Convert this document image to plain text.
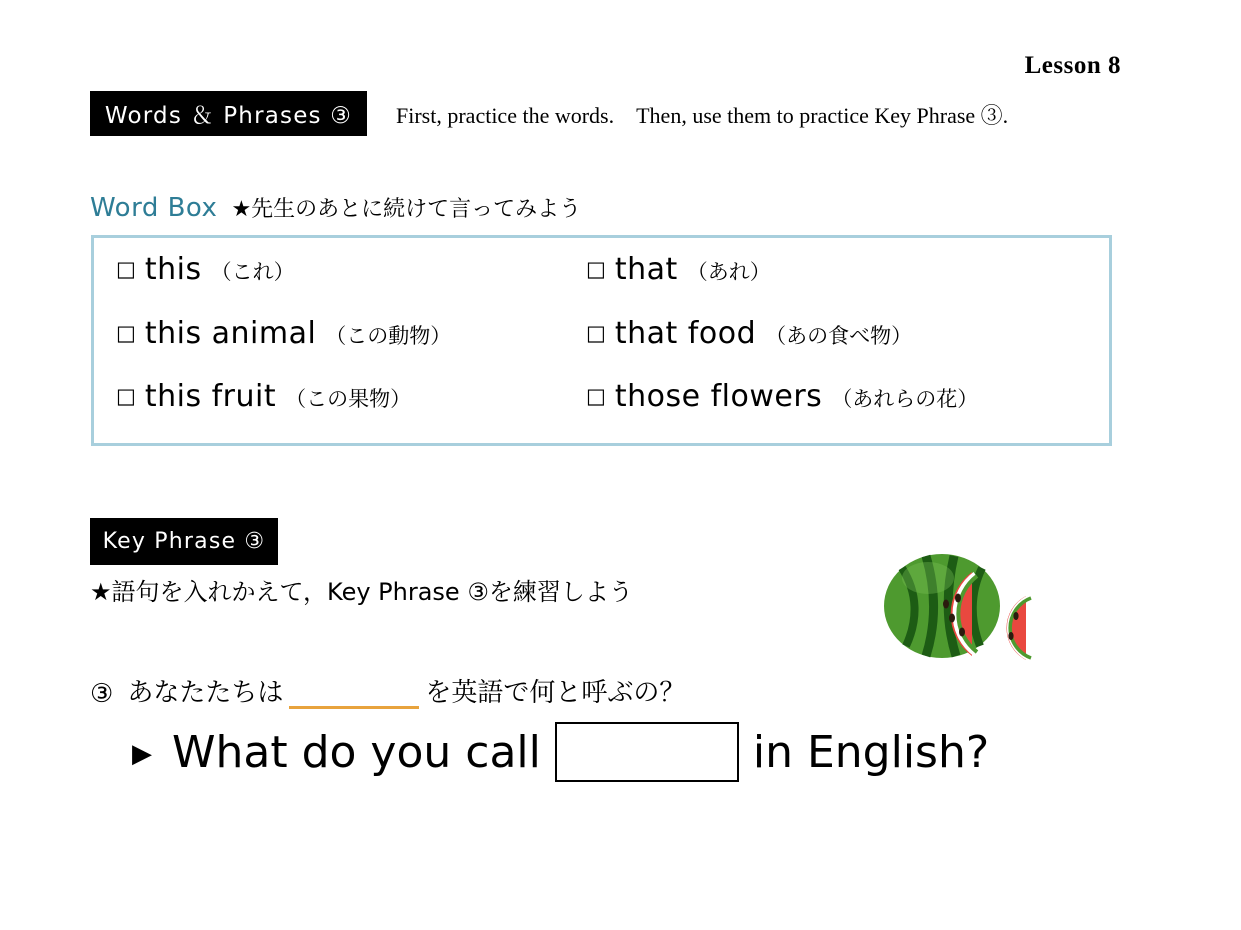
Lesson 8
Words ＆ Phrases ③	First, practice the words.　Then, use them to practice Key Phrase ③.
Word Box ★先生のあとに続けて言ってみよう
□ this （これ）	□ that （あれ）
□ this animal （この動物）	□ that food （あの食べ物）
□ this fruit （この果物）	□ those flowers （あれらの花）
Key Phrase ③
★語句を入れかえて，Key Phrase ③を練習しよう
③ あなたたちは	を英語で何と呼ぶの？
▶ What do you call	in English?
